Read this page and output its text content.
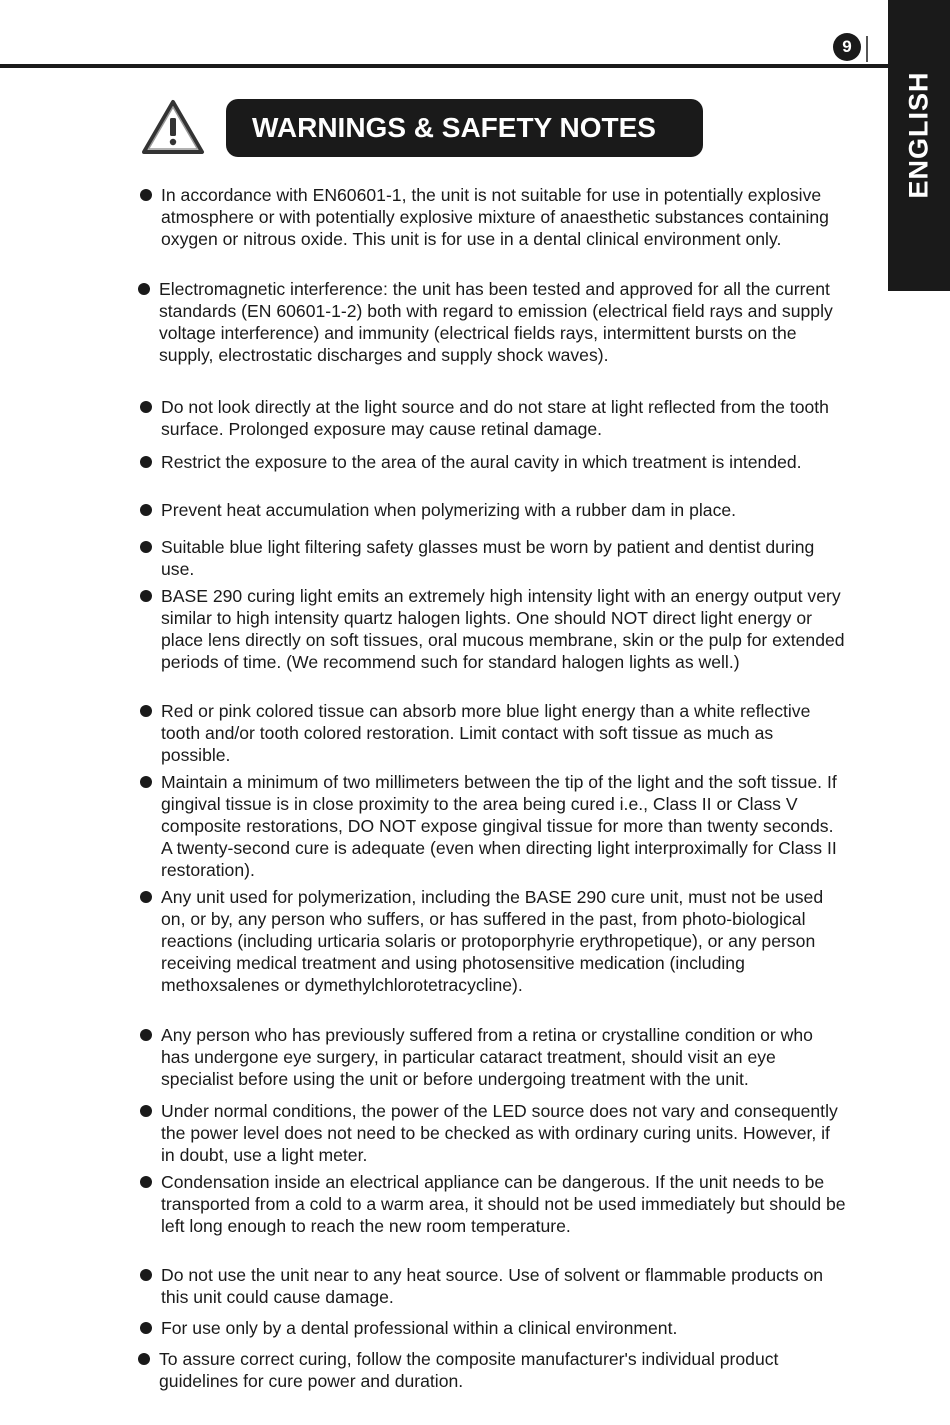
9
ENGLISH
WARNINGS & SAFETY NOTES
In accordance with EN60601-1, the unit is not suitable for use in potentially explosive atmosphere or with potentially explosive mixture of anaesthetic substances containing oxygen or nitrous oxide. This unit is for use in a dental clinical environment only.
Electromagnetic interference: the unit has been tested and approved for all the current standards (EN 60601-1-2) both with regard to emission (electrical field rays and supply voltage interference) and immunity (electrical fields rays, intermittent bursts on the supply, electrostatic discharges and supply shock waves).
Do not look directly at the light source and do not stare at light reflected from the tooth surface. Prolonged exposure may cause retinal damage.
Restrict the exposure to the area of the aural cavity in which treatment is intended.
Prevent heat accumulation when polymerizing with a rubber dam in place.
Suitable blue light filtering safety glasses must be worn by patient and dentist during use.
BASE 290 curing light emits an extremely high intensity light with an energy output very similar to high intensity quartz halogen lights. One should NOT direct light energy or place lens directly on soft tissues, oral mucous membrane, skin or the pulp for extended periods of time. (We recommend such for standard halogen lights as well.)
Red or pink colored tissue can absorb more blue light energy than a white reflective tooth and/or tooth colored restoration. Limit contact with soft tissue as much as possible.
Maintain a minimum of two millimeters between the tip of the light and the soft tissue. If gingival tissue is in close proximity to the area being cured i.e., Class II or Class V composite restorations, DO NOT expose gingival tissue for more than twenty seconds. A twenty-second cure is adequate (even when directing light interproximally for Class II restoration).
Any unit used for polymerization, including the BASE 290 cure unit, must not be used on, or by, any person who suffers, or has suffered in the past, from photo-biological reactions (including urticaria solaris or protoporphyrie erythropetique), or any person receiving medical treatment and using photosensitive medication (including methoxsalenes or dymethylchlorotetracycline).
Any person who has previously suffered from a retina or crystalline condition or who has undergone eye surgery, in particular cataract treatment, should visit an eye specialist before using the unit or before undergoing treatment with the unit.
Under normal conditions, the power of the LED source does not vary and consequently the power level does not need to be checked as with ordinary curing units. However, if in doubt, use a light meter.
Condensation inside an electrical appliance can be dangerous. If the unit needs to be transported from a cold to a warm area, it should not be used immediately but should be left long enough to reach the new room temperature.
Do not use the unit near to any heat source. Use of solvent or flammable products on this unit could cause damage.
For use only by a dental professional within a clinical environment.
To assure correct curing, follow the composite manufacturer's individual product guidelines for cure power and duration.
